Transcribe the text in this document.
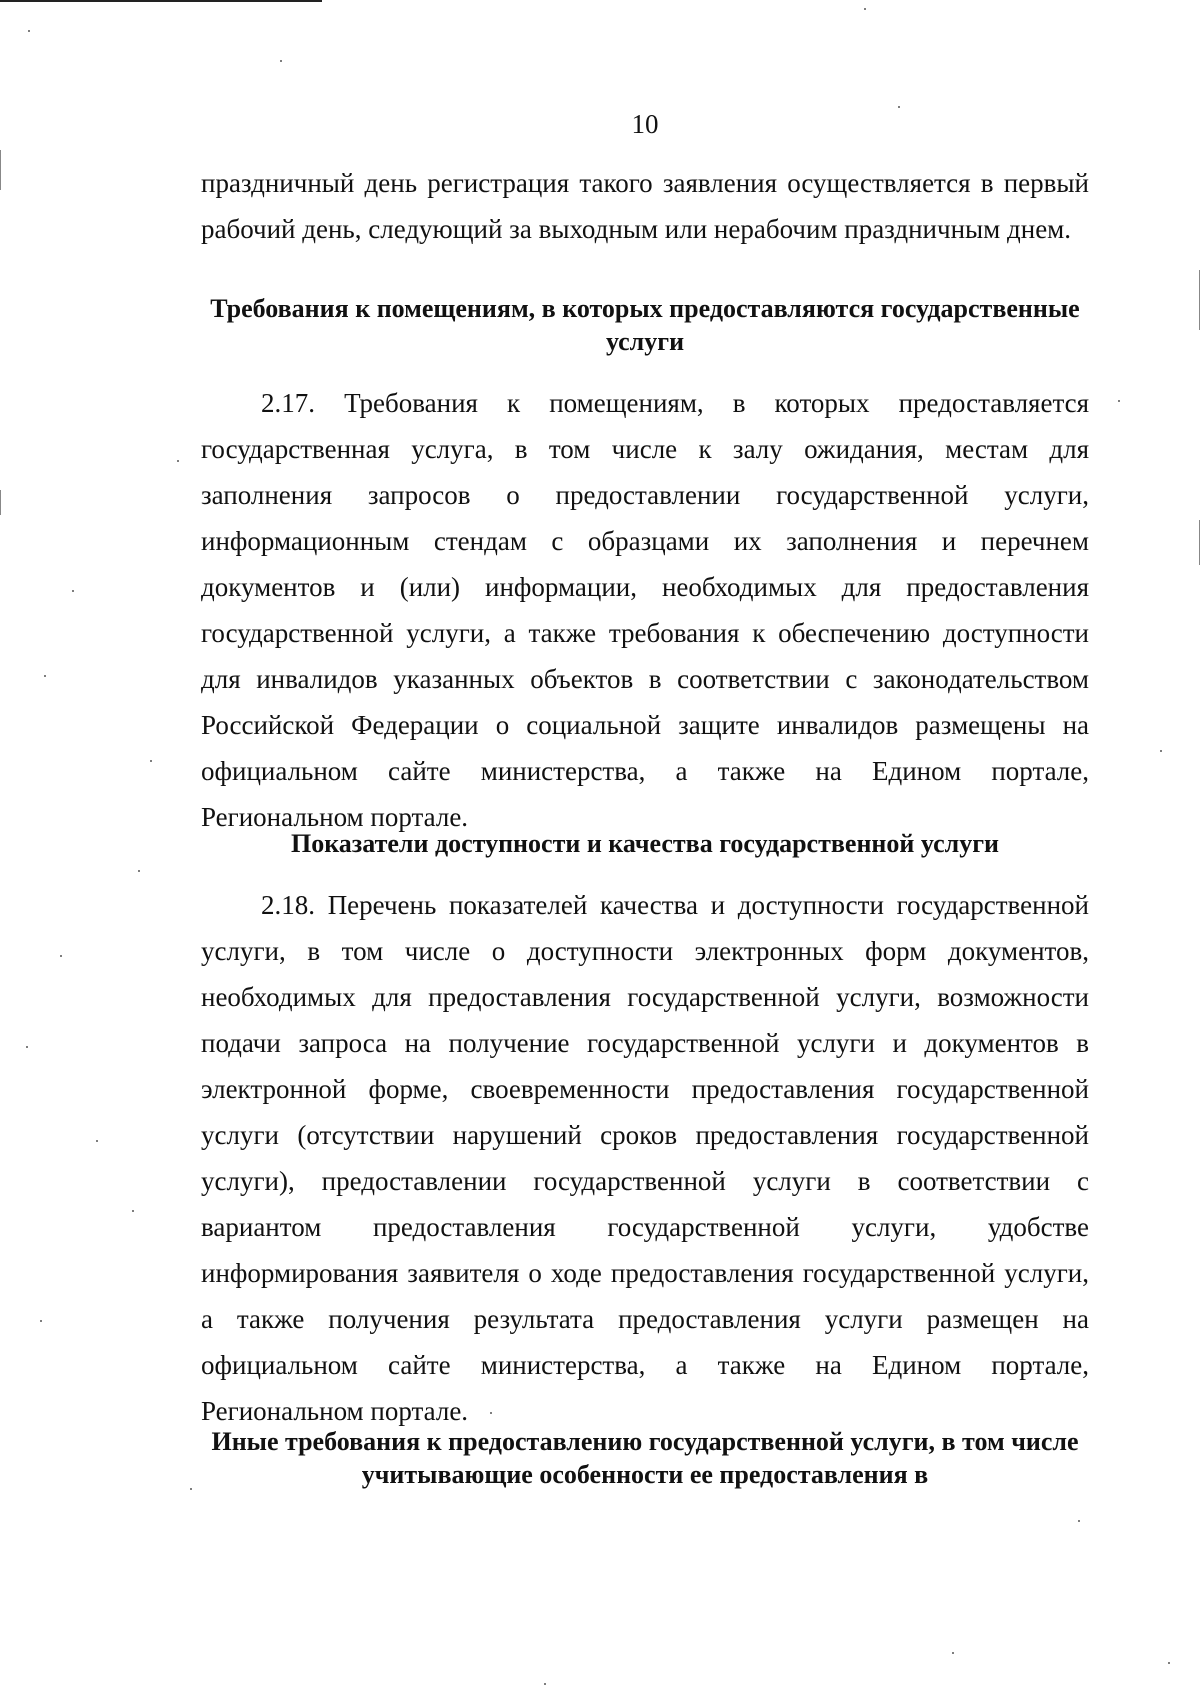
10
праздничный день регистрация такого заявления осуществляется в первый рабочий день, следующий за выходным или нерабочим праздничным днем.
Требования к помещениям, в которых предоставляются государственные услуги
2.17. Требования к помещениям, в которых предоставляется государственная услуга, в том числе к залу ожидания, местам для заполнения запросов о предоставлении государственной услуги, информационным стендам с образцами их заполнения и перечнем документов и (или) информации, необходимых для предоставления государственной услуги, а также требования к обеспечению доступности для инвалидов указанных объектов в соответствии с законодательством Российской Федерации о социальной защите инвалидов размещены на официальном сайте министерства, а также на Едином портале, Региональном портале.
Показатели доступности и качества государственной услуги
2.18. Перечень показателей качества и доступности государственной услуги, в том числе о доступности электронных форм документов, необходимых для предоставления государственной услуги, возможности подачи запроса на получение государственной услуги и документов в электронной форме, своевременности предоставления государственной услуги (отсутствии нарушений сроков предоставления государственной услуги), предоставлении государственной услуги в соответствии с вариантом предоставления государственной услуги, удобстве информирования заявителя о ходе предоставления государственной услуги, а также получения результата предоставления услуги размещен на официальном сайте министерства, а также на Едином портале, Региональном портале.
Иные требования к предоставлению государственной услуги, в том числе учитывающие особенности ее предоставления в
